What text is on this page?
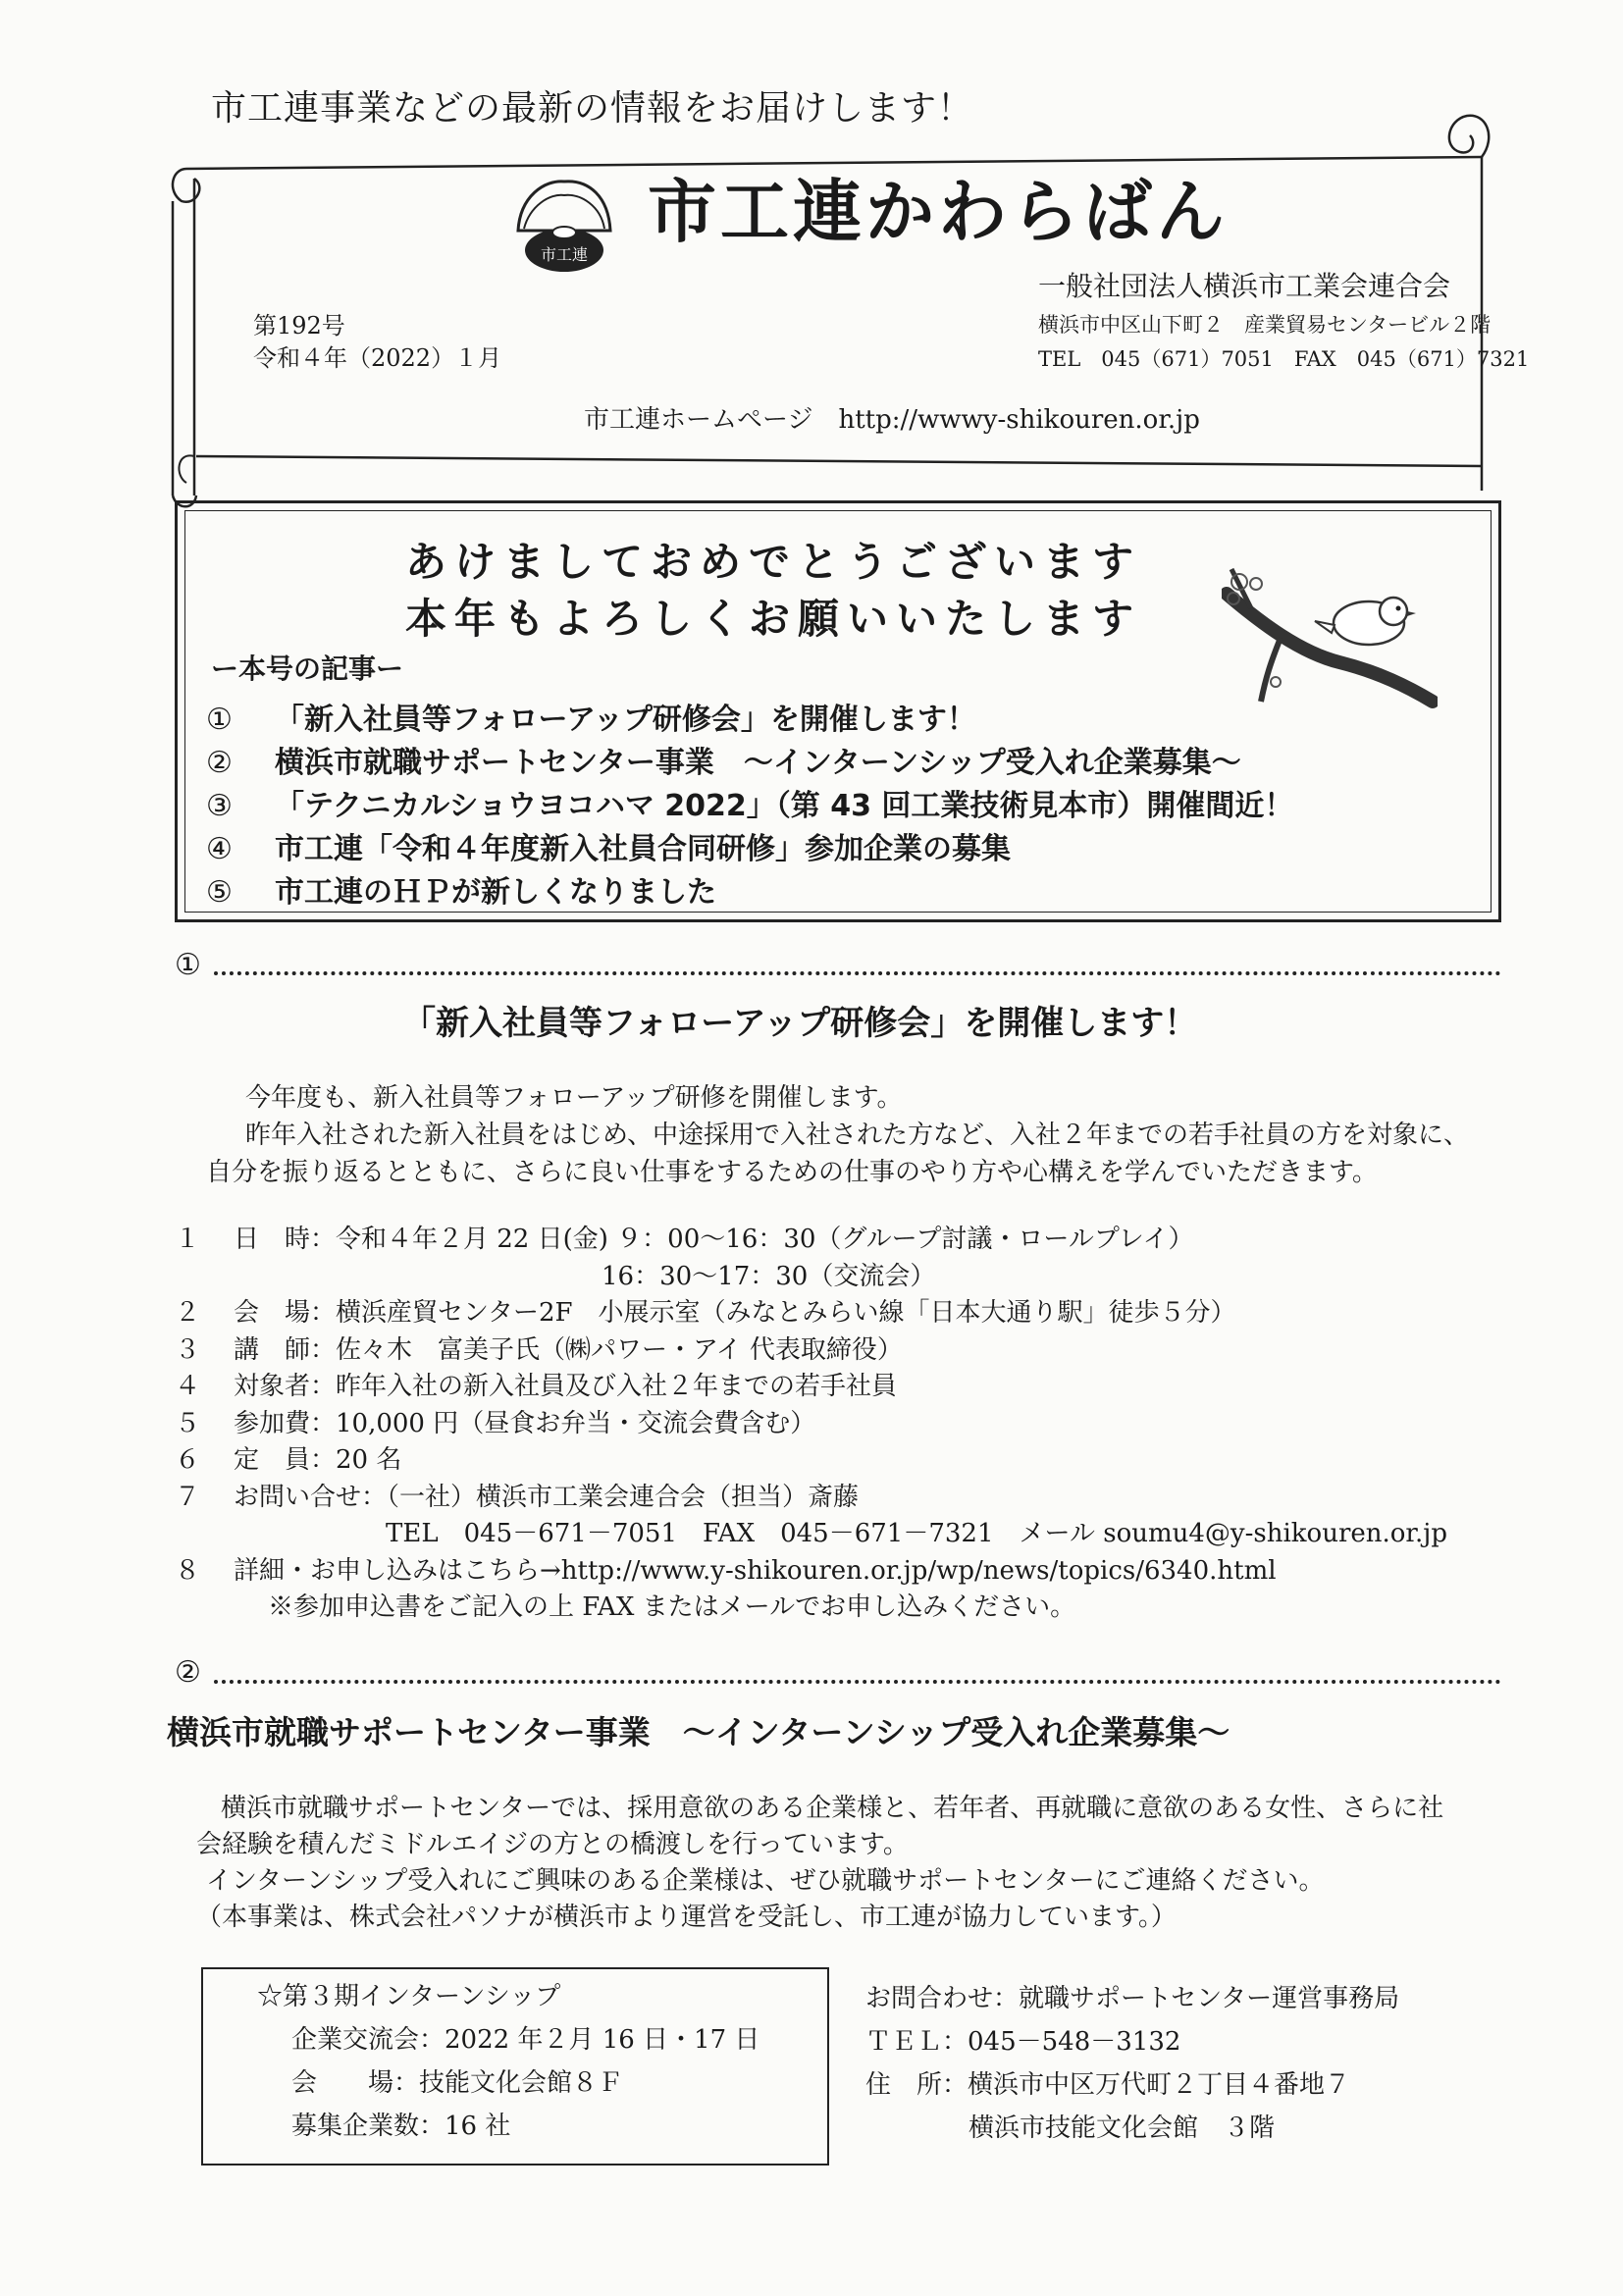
市工連事業などの最新の情報をお届けします！
市工連
市工連かわらばん
一般社団法人横浜市工業会連合会
横浜市中区山下町２　産業貿易センタービル２階
TEL　045（671）7051　FAX　045（671）7321
第192号
令和４年（2022）１月
市工連ホームページ　http://wwwy-shikouren.or.jp
あけましておめでとうございます
本年もよろしくお願いいたします
ー本号の記事ー
① 「新入社員等フォローアップ研修会」を開催します！
② 横浜市就職サポートセンター事業　～インターンシップ受入れ企業募集～
③ 「テクニカルショウヨコハマ 2022」（第 43 回工業技術見本市）開催間近！
④ 市工連「令和４年度新入社員合同研修」参加企業の募集
⑤ 市工連のＨＰが新しくなりました
①
「新入社員等フォローアップ研修会」を開催します！
今年度も、新入社員等フォローアップ研修を開催します。
昨年入社された新入社員をはじめ、中途採用で入社された方など、入社２年までの若手社員の方を対象に、
自分を振り返るとともに、さらに良い仕事をするための仕事のやり方や心構えを学んでいただきます。
１ 日　時：令和４年２月 22 日(金) ９：00～16：30（グループ討議・ロールプレイ）
16：30～17：30（交流会）
２ 会　場：横浜産貿センター2F　小展示室（みなとみらい線「日本大通り駅」徒歩５分）
３ 講　師：佐々木　富美子氏（㈱パワー・アイ 代表取締役）
４ 対象者：昨年入社の新入社員及び入社２年までの若手社員
５ 参加費：10,000 円（昼食お弁当・交流会費含む）
６ 定　員：20 名
７ お問い合せ：（一社）横浜市工業会連合会（担当）斎藤
TEL　045－671－7051　FAX　045－671－7321　メール soumu4@y-shikouren.or.jp
８ 詳細・お申し込みはこちら→http://www.y-shikouren.or.jp/wp/news/topics/6340.html
※参加申込書をご記入の上 FAX またはメールでお申し込みください。
②
横浜市就職サポートセンター事業　～インターンシップ受入れ企業募集～
横浜市就職サポートセンターでは、採用意欲のある企業様と、若年者、再就職に意欲のある女性、さらに社
会経験を積んだミドルエイジの方との橋渡しを行っています。
インターンシップ受入れにご興味のある企業様は、ぜひ就職サポートセンターにご連絡ください。
（本事業は、株式会社パソナが横浜市より運営を受託し、市工連が協力しています。）
☆第３期インターンシップ
企業交流会：2022 年２月 16 日・17 日
会　　場：技能文化会館８Ｆ
募集企業数：16 社
お問合わせ：就職サポートセンター運営事務局
ＴＥＬ：045－548－3132
住　所：横浜市中区万代町２丁目４番地７
横浜市技能文化会館　３階
